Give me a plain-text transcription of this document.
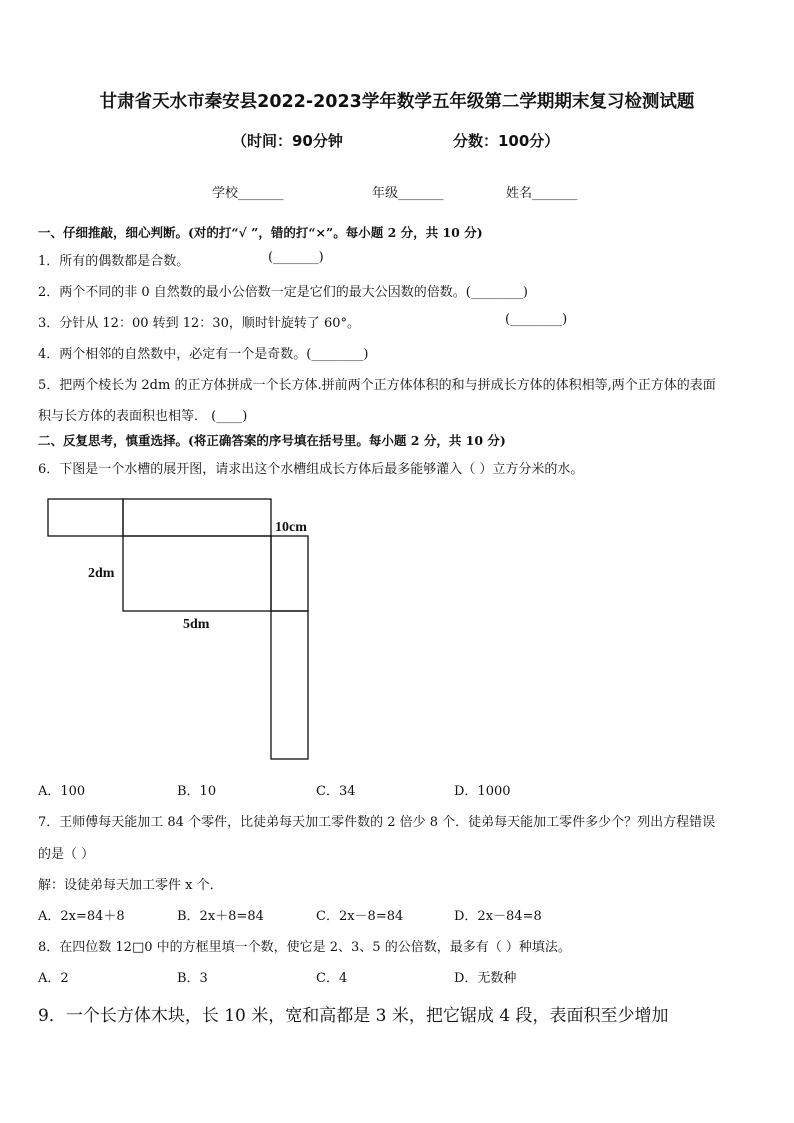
甘肃省天水市秦安县2022-2023学年数学五年级第二学期期末复习检测试题
（时间：90分钟	分数：100分）
学校_______	年级_______	姓名_______
一、仔细推敲，细心判断。(对的打“√ ”，错的打“×”。每小题 2 分，共 10 分)
1．所有的偶数都是合数。	(_______)
2．两个不同的非 0 自然数的最小公倍数一定是它们的最大公因数的倍数。(________)
3．分针从 12：00 转到 12：30，顺时针旋转了 60°。	(________)
4．两个相邻的自然数中，必定有一个是奇数。(________)
5．把两个棱长为 2dm 的正方体拼成一个长方体.拼前两个正方体体积的和与拼成长方体的体积相等,两个正方体的表面
积与长方体的表面积也相等． (____)
二、反复思考，慎重选择。(将正确答案的序号填在括号里。每小题 2 分，共 10 分)
6．下图是一个水槽的展开图，请求出这个水槽组成长方体后最多能够灌入（ ）立方分米的水。
10cm
2dm
5dm
A．100	B．10	C．34	D．1000
7．王师傅每天能加工 84 个零件，比徒弟每天加工零件数的 2 倍少 8 个．徒弟每天能加工零件多少个？列出方程错误
的是（ ）
解：设徒弟每天加工零件 x 个．
A．2x=84＋8	B．2x＋8=84	C．2x－8=84	D．2x－84=8
8．在四位数 12□0 中的方框里填一个数，使它是 2、3、5 的公倍数，最多有（ ）种填法。
A．2	B．3	C．4	D．无数种
9．一个长方体木块，长 10 米，宽和高都是 3 米，把它锯成 4 段，表面积至少增加
